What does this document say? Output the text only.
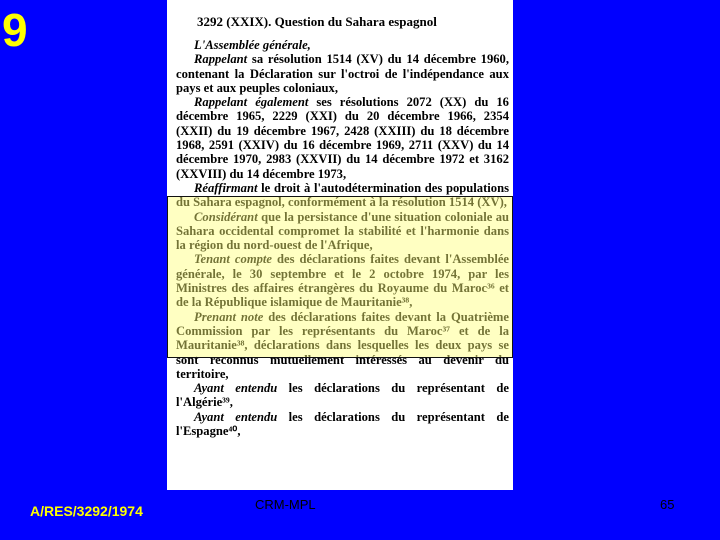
9	3292 (XXIX). Question du Sahara espagnol

L'Assemblée générale,

Rappelant sa résolution 1514 (XV) du 14 décembre 1960, contenant la Déclaration sur l'octroi de l'indépendance aux pays et aux peuples coloniaux,

Rappelant également ses résolutions 2072 (XX) du 16 décembre 1965, 2229 (XXI) du 20 décembre 1966, 2354 (XXII) du 19 décembre 1967, 2428 (XXIII) du 18 décembre 1968, 2591 (XXIV) du 16 décembre 1969, 2711 (XXV) du 14 décembre 1970, 2983 (XXVII) du 14 décembre 1972 et 3162 (XXVIII) du 14 décembre 1973,

Réaffirmant le droit à l'autodétermination des populations du Sahara espagnol, conformément à la résolution 1514 (XV),

Considérant que la persistance d'une situation coloniale au Sahara occidental compromet la stabilité et l'harmonie dans la région du nord-ouest de l'Afrique,

Tenant compte des déclarations faites devant l'Assemblée générale, le 30 septembre et le 2 octobre 1974, par les Ministres des affaires étrangères du Royaume du Maroc³⁶ et de la République islamique de Mauritanie³⁸,

Prenant note des déclarations faites devant la Quatrième Commission par les représentants du Maroc³⁷ et de la Mauritanie³⁸, déclarations dans lesquelles les deux pays se sont reconnus mutuellement intéressés au devenir du territoire,

Ayant entendu les déclarations du représentant de l'Algérie³⁹,

Ayant entendu les déclarations du représentant de l'Espagne⁴⁰,

A/RES/3292/1974	CRM-MPL	65
